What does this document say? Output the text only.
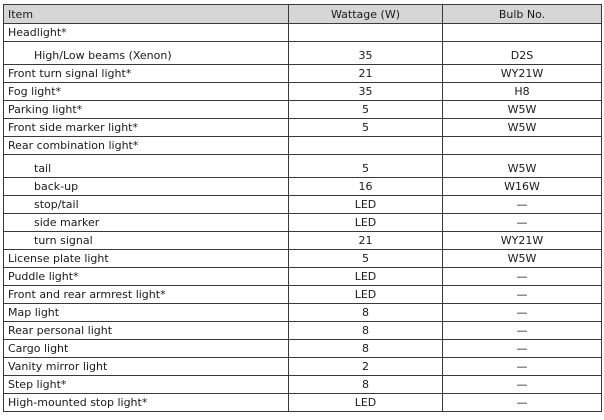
Item	Wattage (W)	Bulb No.
Headlight*		
High/Low beams (Xenon)	35	D2S
Front turn signal light*	21	WY21W
Fog light*	35	H8
Parking light*	5	W5W
Front side marker light*	5	W5W
Rear combination light*		
tail	5	W5W
back-up	16	W16W
stop/tail	LED	—
side marker	LED	—
turn signal	21	WY21W
License plate light	5	W5W
Puddle light*	LED	—
Front and rear armrest light*	LED	—
Map light	8	—
Rear personal light	8	—
Cargo light	8	—
Vanity mirror light	2	—
Step light*	8	—
High-mounted stop light*	LED	—
